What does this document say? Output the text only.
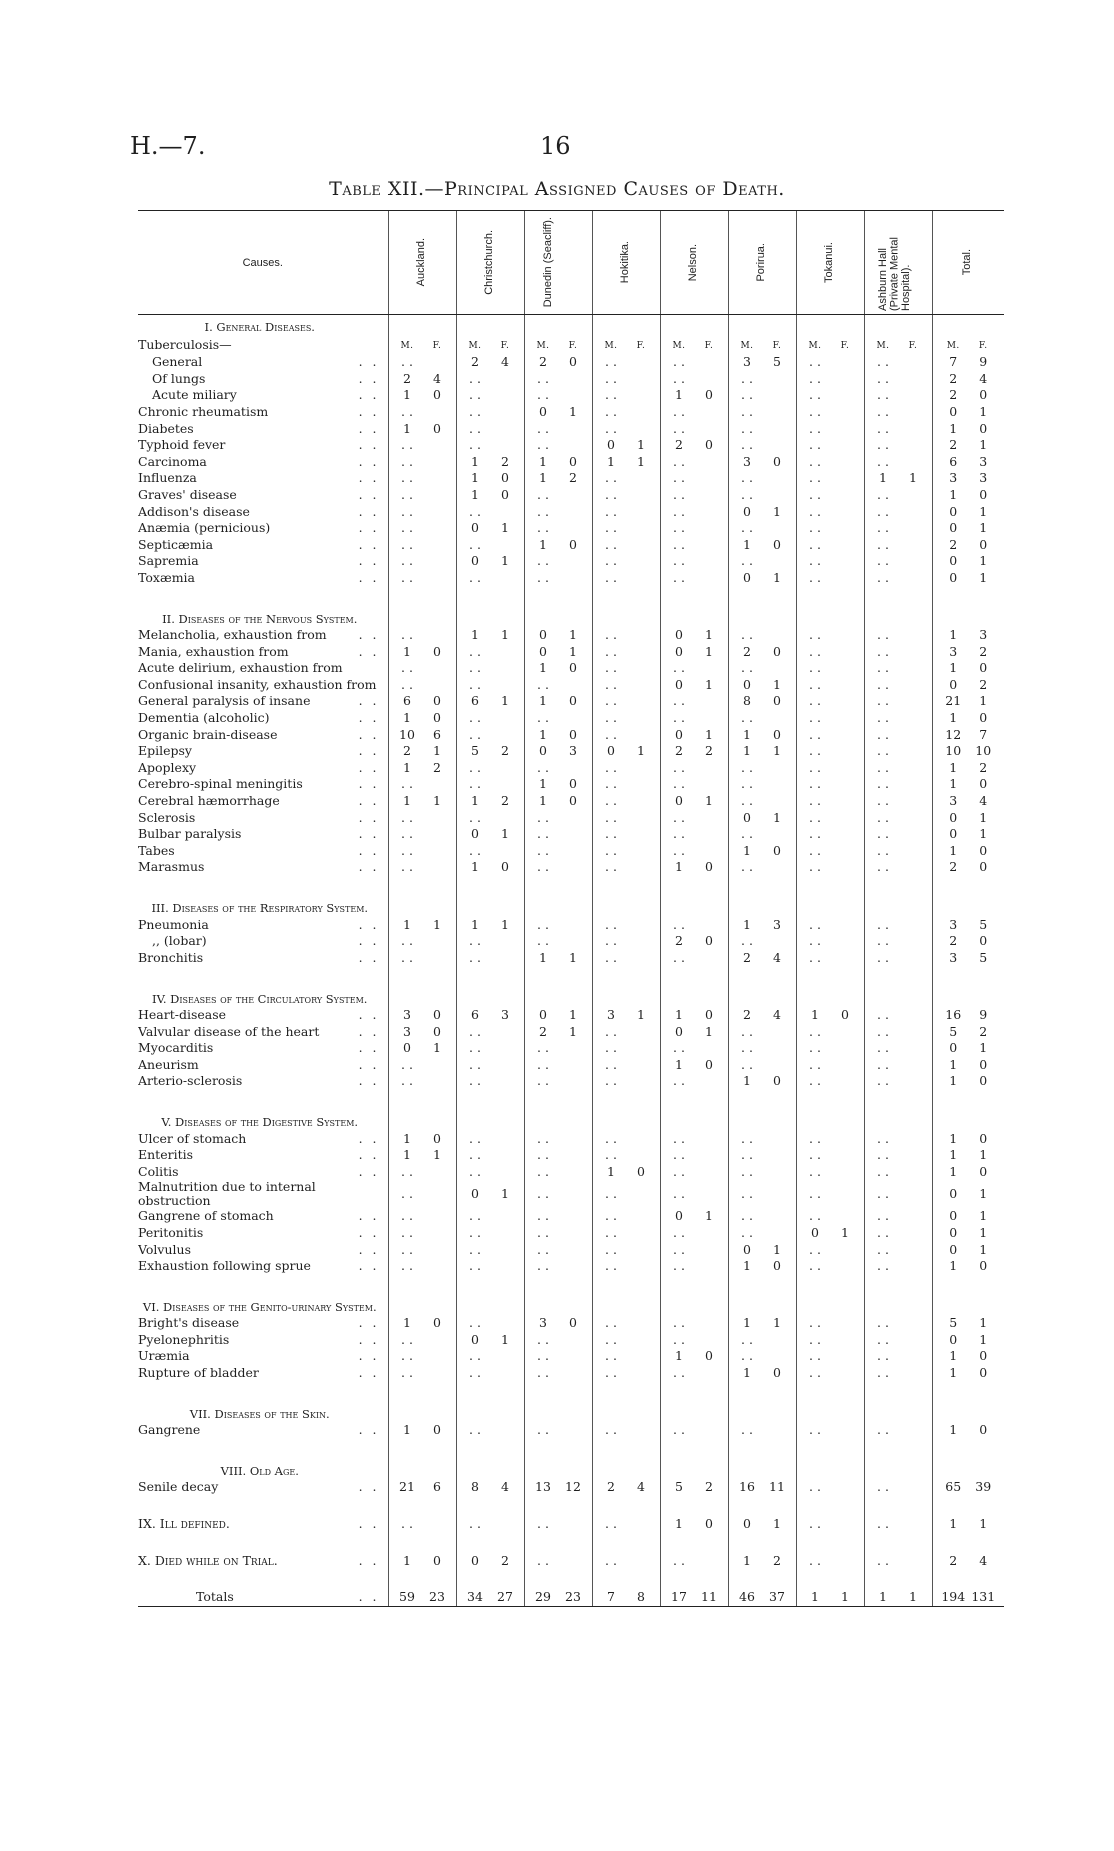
H.—7.	16
Table XII.—Principal Assigned Causes of Death.
Causes.	Auckland.	Christchurch.	Dunedin (Seacliff).	Hokitika.	Nelson.	Porirua.	Tokanui.	Ashburn Hall (Private Mental Hospital).	Total.

I. General Diseases.									
Tuberculosis—	M. F.	M. F.	M. F.	M. F.	M. F.	M. F.	M. F.	M. F.	M. F.
General . .	. .	2 4	2 0	. .	. .	3 5	. .	. .	7 9
Of lungs . .	2 4	. .	. .	. .	. .	. .	. .	. .	2 4
Acute miliary . .	1 0	. .	. .	. .	1 0	. .	. .	. .	2 0
Chronic rheumatism . .	. .	. .	0 1	. .	. .	. .	. .	. .	0 1
Diabetes . .	1 0	. .	. .	. .	. .	. .	. .	. .	1 0
Typhoid fever . .	. .	. .	. .	0 1	2 0	. .	. .	. .	2 1
Carcinoma . .	. .	1 2	1 0	1 1	. .	3 0	. .	. .	6 3
Influenza . .	. .	1 0	1 2	. .	. .	. .	. .	1 1	3 3
Graves' disease . .	. .	1 0	. .	. .	. .	. .	. .	. .	1 0
Addison's disease . .	. .	. .	. .	. .	. .	0 1	. .	. .	0 1
Anæmia (pernicious) . .	. .	0 1	. .	. .	. .	. .	. .	. .	0 1
Septicæmia . .	. .	. .	1 0	. .	. .	1 0	. .	. .	2 0
Sapremia . .	. .	0 1	. .	. .	. .	. .	. .	. .	0 1
Toxæmia . .	. .	. .	. .	. .	. .	0 1	. .	. .	0 1

II. Diseases of the Nervous System.									
Melancholia, exhaustion from . .	. .	1 1	0 1	. .	0 1	. .	. .	. .	1 3
Mania, exhaustion from . .	1 0	. .	0 1	. .	0 1	2 0	. .	. .	3 2
Acute delirium, exhaustion from	. .	. .	1 0	. .	. .	. .	. .	. .	1 0
Confusional insanity, exhaustion from	. .	. .	. .	. .	0 1	0 1	. .	. .	0 2
General paralysis of insane . .	6 0	6 1	1 0	. .	. .	8 0	. .	. .	21 1
Dementia (alcoholic) . .	1 0	. .	. .	. .	. .	. .	. .	. .	1 0
Organic brain-disease . .	10 6	. .	1 0	. .	0 1	1 0	. .	. .	12 7
Epilepsy . .	2 1	5 2	0 3	0 1	2 2	1 1	. .	. .	10 10
Apoplexy . .	1 2	. .	. .	. .	. .	. .	. .	. .	1 2
Cerebro-spinal meningitis . .	. .	. .	1 0	. .	. .	. .	. .	. .	1 0
Cerebral hæmorrhage . .	1 1	1 2	1 0	. .	0 1	. .	. .	. .	3 4
Sclerosis . .	. .	. .	. .	. .	. .	0 1	. .	. .	0 1
Bulbar paralysis . .	. .	0 1	. .	. .	. .	. .	. .	. .	0 1
Tabes . .	. .	. .	. .	. .	. .	1 0	. .	. .	1 0
Marasmus . .	. .	1 0	. .	. .	1 0	. .	. .	. .	2 0

III. Diseases of the Respiratory System.									
Pneumonia . .	1 1	1 1	. .	. .	. .	1 3	. .	. .	3 5
,, (lobar) . .	. .	. .	. .	. .	2 0	. .	. .	. .	2 0
Bronchitis . .	. .	. .	1 1	. .	. .	2 4	. .	. .	3 5

IV. Diseases of the Circulatory System.									
Heart-disease . .	3 0	6 3	0 1	3 1	1 0	2 4	1 0	. .	16 9
Valvular disease of the heart . .	3 0	. .	2 1	. .	0 1	. .	. .	. .	5 2
Myocarditis . .	0 1	. .	. .	. .	. .	. .	. .	. .	0 1
Aneurism . .	. .	. .	. .	. .	1 0	. .	. .	. .	1 0
Arterio-sclerosis . .	. .	. .	. .	. .	. .	1 0	. .	. .	1 0

V. Diseases of the Digestive System.									
Ulcer of stomach . .	1 0	. .	. .	. .	. .	. .	. .	. .	1 0
Enteritis . .	1 1	. .	. .	. .	. .	. .	. .	. .	1 1
Colitis . .	. .	. .	. .	1 0	. .	. .	. .	. .	1 0
Malnutrition due to internal obstruction	. .	0 1	. .	. .	. .	. .	. .	. .	0 1
Gangrene of stomach . .	. .	. .	. .	. .	0 1	. .	. .	. .	0 1
Peritonitis . .	. .	. .	. .	. .	. .	. .	0 1	. .	0 1
Volvulus . .	. .	. .	. .	. .	. .	0 1	. .	. .	0 1
Exhaustion following sprue . .	. .	. .	. .	. .	. .	1 0	. .	. .	1 0

VI. Diseases of the Genito-urinary System.									
Bright's disease . .	1 0	. .	3 0	. .	. .	1 1	. .	. .	5 1
Pyelonephritis . .	. .	0 1	. .	. .	. .	. .	. .	. .	0 1
Uræmia . .	. .	. .	. .	. .	1 0	. .	. .	. .	1 0
Rupture of bladder . .	. .	. .	. .	. .	. .	1 0	. .	. .	1 0

VII. Diseases of the Skin.									
Gangrene . .	1 0	. .	. .	. .	. .	. .	. .	. .	1 0

VIII. Old Age.									
Senile decay . .	21 6	8 4	13 12	2 4	5 2	16 11	. .	. .	65 39

IX. Ill defined. . .	. .	. .	. .	. .	1 0	0 1	. .	. .	1 1

X. Died while on Trial. . .	1 0	0 2	. .	. .	. .	1 2	. .	. .	2 4

Totals . .	59 23	34 27	29 23	7 8	17 11	46 37	1 1	1 1	194 131
